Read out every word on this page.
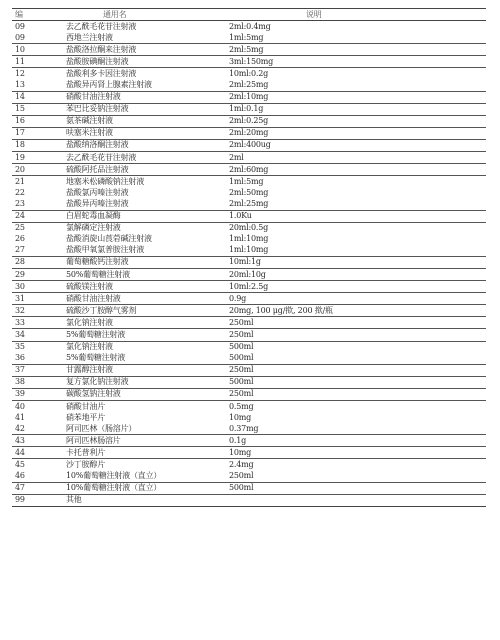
编	通用名	说明
09	去乙酰毛花苷注射液	2ml:0.4mg
09	西地兰注射液	1ml:5mg
10	盐酸洛拉酮来注射液	2ml:5mg
11	盐酸胺碘酮注射液	3ml:150mg
12	盐酸利多卡因注射液	10ml:0.2g
13	盐酸异丙肾上腺素注射液	2ml:25mg
14	硝酸甘油注射液	2ml:10mg
15	苯巴比妥钠注射液	1ml:0.1g
16	氨茶碱注射液	2ml:0.25g
17	呋塞米注射液	2ml:20mg
18	盐酸纳洛酮注射液	2ml:400ug
19	去乙酰毛花苷注射液	2ml
20	硫酸阿托品注射液	2ml:60mg
21	地塞米松磷酸钠注射液	1ml:5mg
22	盐酸氯丙嗪注射液	2ml:50mg
23	盐酸异丙嗪注射液	2ml:25mg
24	白眉蛇毒血凝酶	1.0Ku
25	氯解磷定注射液	20ml:0.5g
26	盐酸消旋山莨菪碱注射液	1ml:10mg
27	盐酸甲氧氯普胺注射液	1ml:10mg
28	葡萄糖酸钙注射液	10ml:1g
29	50%葡萄糖注射液	20ml:10g
30	硫酸镁注射液	10ml:2.5g
31	硝酸甘油注射液	0.9g
32	硫酸沙丁胺醇气雾剂	20mg, 100 μg/揿, 200 揿/瓶
33	氯化钠注射液	250ml
34	5%葡萄糖注射液	250ml
35	氯化钠注射液	500ml
36	5%葡萄糖注射液	500ml
37	甘露醇注射液	250ml
38	复方氯化钠注射液	500ml
39	碳酸氢钠注射液	250ml
40	硝酸甘油片	0.5mg
41	硝苯地平片	10mg
42	阿司匹林（肠溶片）	0.37mg
43	阿司匹林肠溶片	0.1g
44	卡托普利片	10mg
45	沙丁胺醇片	2.4mg
46	10%葡萄糖注射液（直立）	250ml
47	10%葡萄糖注射液（直立）	500ml
99	其他	
